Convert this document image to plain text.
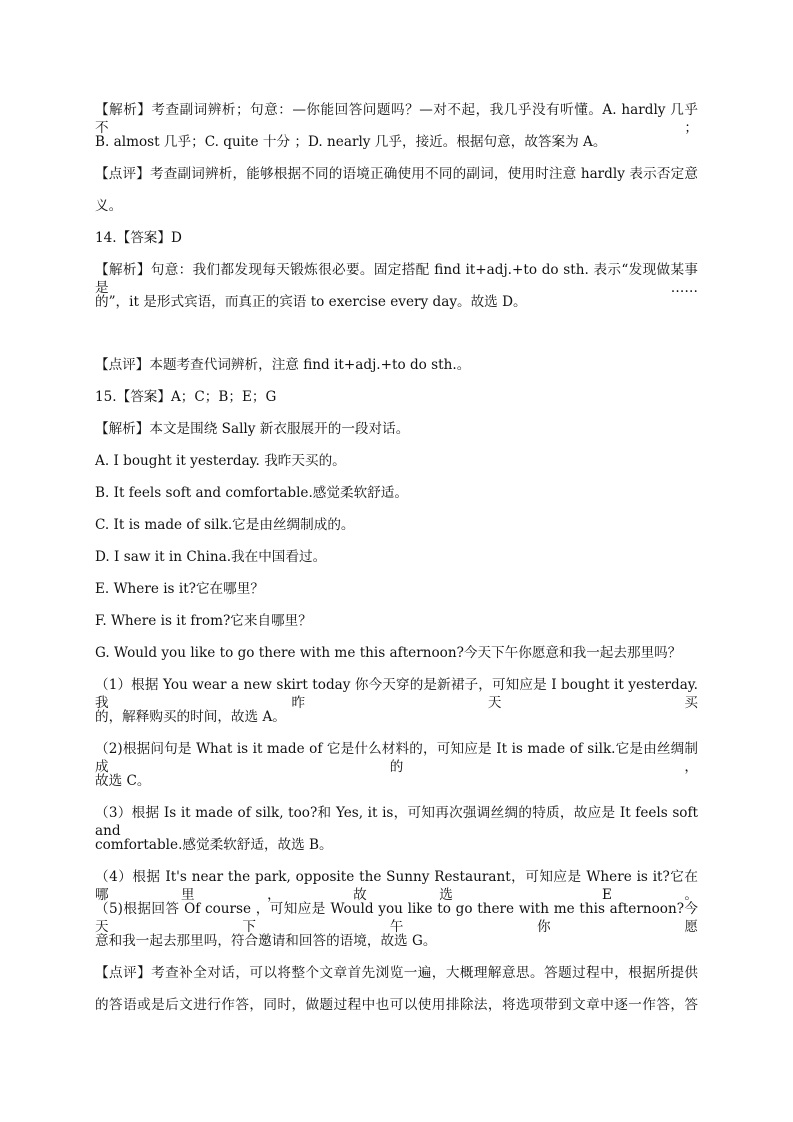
【解析】考查副词辨析；句意：—你能回答问题吗？—对不起，我几乎没有听懂。A. hardly 几乎不；
B. almost 几乎；C. quite 十分 ；D. nearly 几乎，接近。根据句意，故答案为 A。
【点评】考查副词辨析，能够根据不同的语境正确使用不同的副词，使用时注意 hardly 表示否定意
义。
14.【答案】D
【解析】句意：我们都发现每天锻炼很必要。固定搭配 find it+adj.+to do sth. 表示“发现做某事是……
的”，it 是形式宾语，而真正的宾语 to exercise every day。故选 D。
【点评】本题考查代词辨析，注意 find it+adj.+to do sth.。
15.【答案】A；C；B；E；G
【解析】本文是围绕 Sally 新衣服展开的一段对话。
A. I bought it yesterday. 我昨天买的。
B. It feels soft and comfortable.感觉柔软舒适。
C. It is made of silk.它是由丝绸制成的。
D. I saw it in China.我在中国看过。
E. Where is it?它在哪里？
F. Where is it from?它来自哪里？
G. Would you like to go there with me this afternoon?今天下午你愿意和我一起去那里吗？
（1）根据 You wear a new skirt today 你今天穿的是新裙子，可知应是 I bought it yesterday. 我昨天买
的，解释购买的时间，故选 A。
（2)根据问句是 What is it made of 它是什么材料的，可知应是 It is made of silk.它是由丝绸制成的，
故选 C。
（3）根据 Is it made of silk, too?和 Yes, it is，可知再次强调丝绸的特质，故应是 It feels soft and
comfortable.感觉柔软舒适，故选 B。
（4）根据 It's near the park, opposite the Sunny Restaurant，可知应是 Where is it?它在哪里，故选 E。
（5)根据回答 Of course ，可知应是 Would you like to go there with me this afternoon?今天下午你愿
意和我一起去那里吗，符合邀请和回答的语境，故选 G。
【点评】考查补全对话，可以将整个文章首先浏览一遍，大概理解意思。答题过程中，根据所提供
的答语或是后文进行作答，同时，做题过程中也可以使用排除法，将选项带到文章中逐一作答，答
